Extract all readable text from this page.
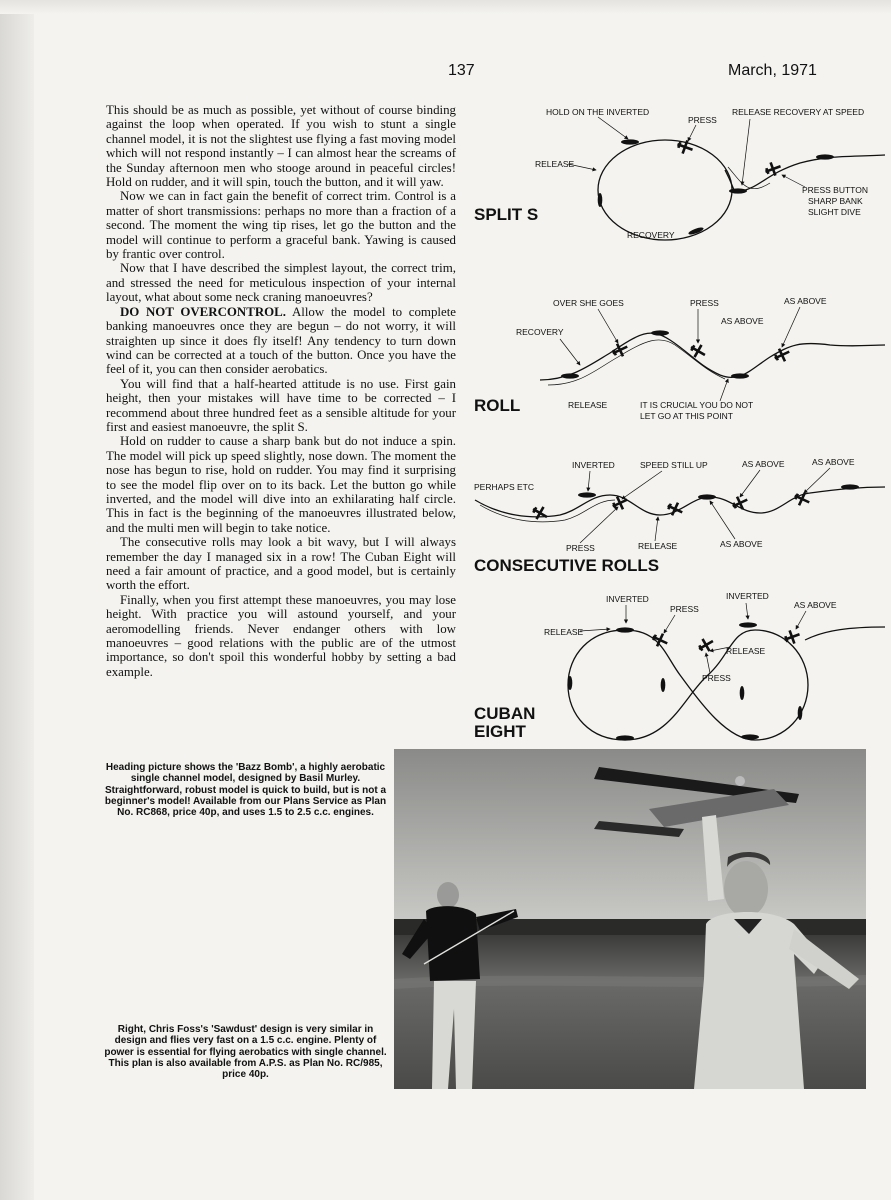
137	March, 1971

This should be as much as possible, yet without of course binding against the loop when operated. If you wish to stunt a single channel model, it is not the slightest use flying a fast moving model which will not respond instantly – I can almost hear the screams of the Sunday afternoon men who stooge around in peaceful circles! Hold on rudder, and it will spin, touch the button, and it will yaw.

Now we can in fact gain the benefit of correct trim. Control is a matter of short transmissions: perhaps no more than a fraction of a second. The moment the wing tip rises, let go the button and the model will continue to perform a graceful bank. Yawing is caused by frantic over control.

Now that I have described the simplest layout, the correct trim, and stressed the need for meticulous inspection of your internal layout, what about some neck craning manoeuvres?

DO NOT OVERCONTROL. Allow the model to complete banking manoeuvres once they are begun – do not worry, it will straighten up since it does fly itself! Any tendency to turn down wind can be corrected at a touch of the button. Once you have the feel of it, you can then consider aerobatics.

You will find that a half-hearted attitude is no use. First gain height, then your mistakes will have time to be corrected – I recommend about three hundred feet as a sensible altitude for your first and easiest manoeuvre, the split S.

Hold on rudder to cause a sharp bank but do not induce a spin. The model will pick up speed slightly, nose down. The moment the nose has begun to rise, hold on rudder. You may find it surprising to see the model flip over on to its back. Let the button go while inverted, and the model will dive into an exhilarating half circle. This in fact is the beginning of the manoeuvres illustrated below, and the multi men will begin to take notice.

The consecutive rolls may look a bit wavy, but I will always remember the day I managed six in a row! The Cuban Eight will need a fair amount of practice, and a good model, but is certainly worth the effort.

Finally, when you first attempt these manoeuvres, you may lose height. With practice you will astound yourself, and your aeromodelling friends. Never endanger others with low manoeuvres – good relations with the public are of the utmost importance, so don't spoil this wonderful hobby by setting a bad example.

HOLD ON THE INVERTED
PRESS
RELEASE RECOVERY AT SPEED
RELEASE
RECOVERY
PRESS BUTTON
SHARP BANK
SLIGHT DIVE
SPLIT S
OVER SHE GOES	PRESS	AS ABOVE
AS ABOVE
RECOVERY
RELEASE	IT IS CRUCIAL YOU DO NOT
LET GO AT THIS POINT
ROLL
INVERTED	SPEED STILL UP	AS ABOVE	AS ABOVE
PERHAPS ETC
PRESS	RELEASE	AS ABOVE
CONSECUTIVE ROLLS
INVERTED	INVERTED
PRESS	AS ABOVE
RELEASE
RELEASE
PRESS
CUBAN
EIGHT
Heading picture shows the 'Bazz Bomb', a highly aerobatic single channel model, designed by Basil Murley. Straightforward, robust model is quick to build, but is not a beginner's model! Available from our Plans Service as Plan No. RC868, price 40p, and uses 1.5 to 2.5 c.c. engines.
Right, Chris Foss's 'Sawdust' design is very similar in design and flies very fast on a 1.5 c.c. engine. Plenty of power is essential for flying aerobatics with single channel. This plan is also available from A.P.S. as Plan No. RC/985, price 40p.
